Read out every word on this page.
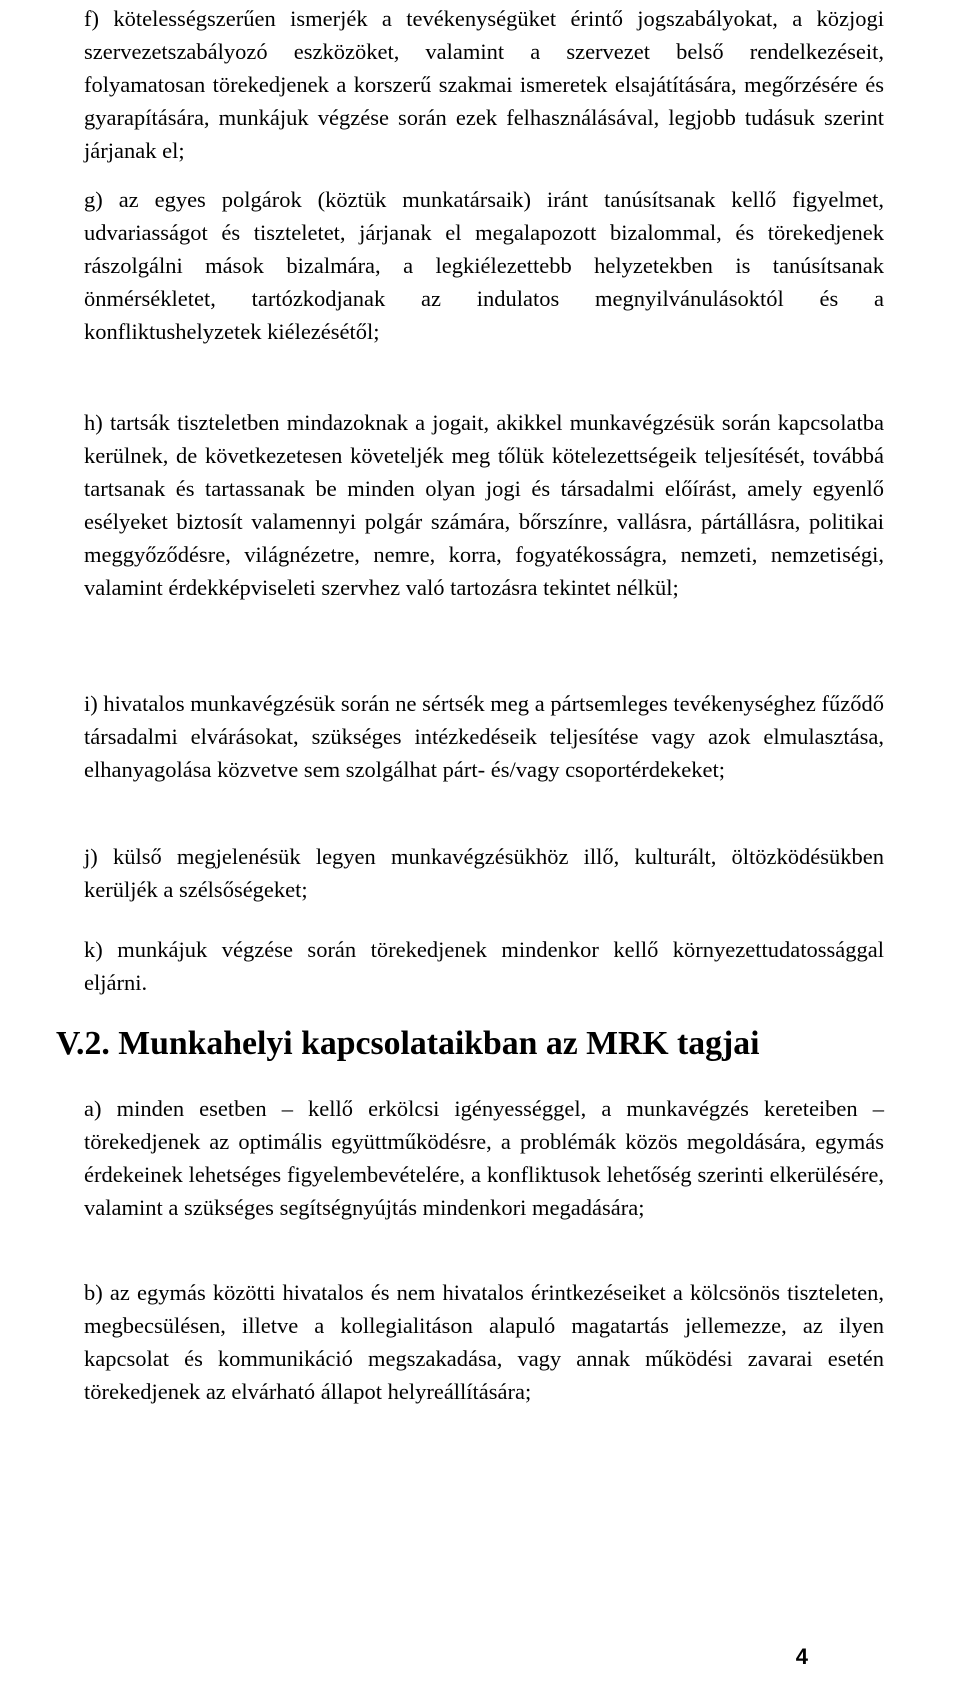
f) kötelességszerűen ismerjék a tevékenységüket érintő jogszabályokat, a közjogi szervezetszabályozó eszközöket, valamint a szervezet belső rendelkezéseit, folyamatosan törekedjenek a korszerű szakmai ismeretek elsajátítására, megőrzésére és gyarapítására, munkájuk végzése során ezek felhasználásával, legjobb tudásuk szerint járjanak el;

g) az egyes polgárok (köztük munkatársaik) iránt tanúsítsanak kellő figyelmet, udvariasságot és tiszteletet, járjanak el megalapozott bizalommal, és törekedjenek rászolgálni mások bizalmára, a legkiélezettebb helyzetekben is tanúsítsanak önmérsékletet, tartózkodjanak az indulatos megnyilvánulásoktól és a konfliktushelyzetek kiélezésétől;

h) tartsák tiszteletben mindazoknak a jogait, akikkel munkavégzésük során kapcsolatba kerülnek, de következetesen követeljék meg tőlük kötelezettségeik teljesítését, továbbá tartsanak és tartassanak be minden olyan jogi és társadalmi előírást, amely egyenlő esélyeket biztosít valamennyi polgár számára, bőrszínre, vallásra, pártállásra, politikai meggyőződésre, világnézetre, nemre, korra, fogyatékosságra, nemzeti, nemzetiségi, valamint érdekképviseleti szervhez való tartozásra tekintet nélkül;

i) hivatalos munkavégzésük során ne sértsék meg a pártsemleges tevékenységhez fűződő társadalmi elvárásokat, szükséges intézkedéseik teljesítése vagy azok elmulasztása, elhanyagolása közvetve sem szolgálhat párt- és/vagy csoportérdekeket;

j) külső megjelenésük legyen munkavégzésükhöz illő, kulturált, öltözködésükben kerüljék a szélsőségeket;

k) munkájuk végzése során törekedjenek mindenkor kellő környezettudatossággal eljárni.

V.2. Munkahelyi kapcsolataikban az MRK tagjai

a) minden esetben – kellő erkölcsi igényességgel, a munkavégzés kereteiben – törekedjenek az optimális együttműködésre, a problémák közös megoldására, egymás érdekeinek lehetséges figyelembevételére, a konfliktusok lehetőség szerinti elkerülésére, valamint a szükséges segítségnyújtás mindenkori megadására;

b) az egymás közötti hivatalos és nem hivatalos érintkezéseiket a kölcsönös tiszteleten, megbecsülésen, illetve a kollegialitáson alapuló magatartás jellemezze, az ilyen kapcsolat és kommunikáció megszakadása, vagy annak működési zavarai esetén törekedjenek az elvárható állapot helyreállítására;

4
